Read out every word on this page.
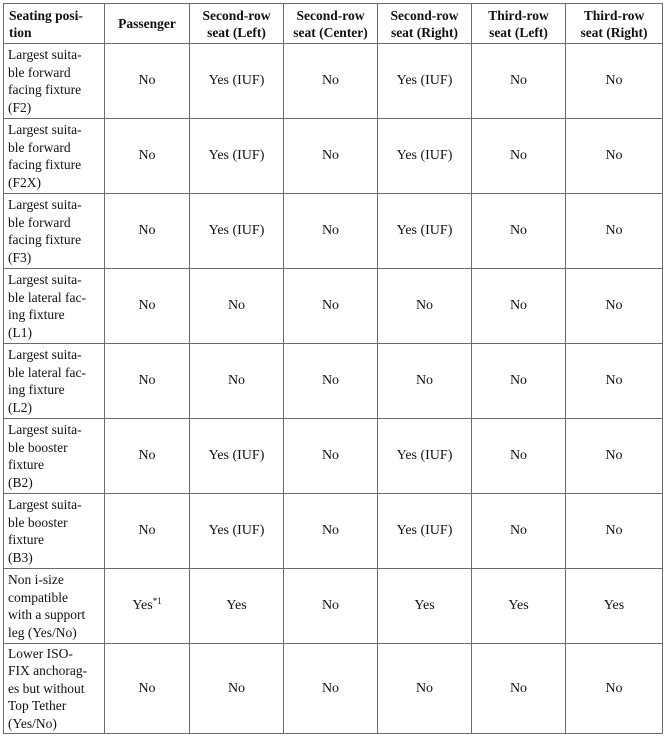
Seating posi-
tion	Passenger	Second-row
seat (Left)	Second-row
seat (Center)	Second-row
seat (Right)	Third-row
seat (Left)	Third-row
seat (Right)
Largest suita-
ble forward
facing fixture
(F2)	No	Yes (IUF)	No	Yes (IUF)	No	No
Largest suita-
ble forward
facing fixture
(F2X)	No	Yes (IUF)	No	Yes (IUF)	No	No
Largest suita-
ble forward
facing fixture
(F3)	No	Yes (IUF)	No	Yes (IUF)	No	No
Largest suita-
ble lateral fac-
ing fixture
(L1)	No	No	No	No	No	No
Largest suita-
ble lateral fac-
ing fixture
(L2)	No	No	No	No	No	No
Largest suita-
ble booster
fixture
(B2)	No	Yes (IUF)	No	Yes (IUF)	No	No
Largest suita-
ble booster
fixture
(B3)	No	Yes (IUF)	No	Yes (IUF)	No	No
Non i-size
compatible
with a support
leg (Yes/No)	Yes$^{*1}$	Yes	No	Yes	Yes	Yes
Lower ISO-
FIX anchorag-
es but without
Top Tether
(Yes/No)	No	No	No	No	No	No
